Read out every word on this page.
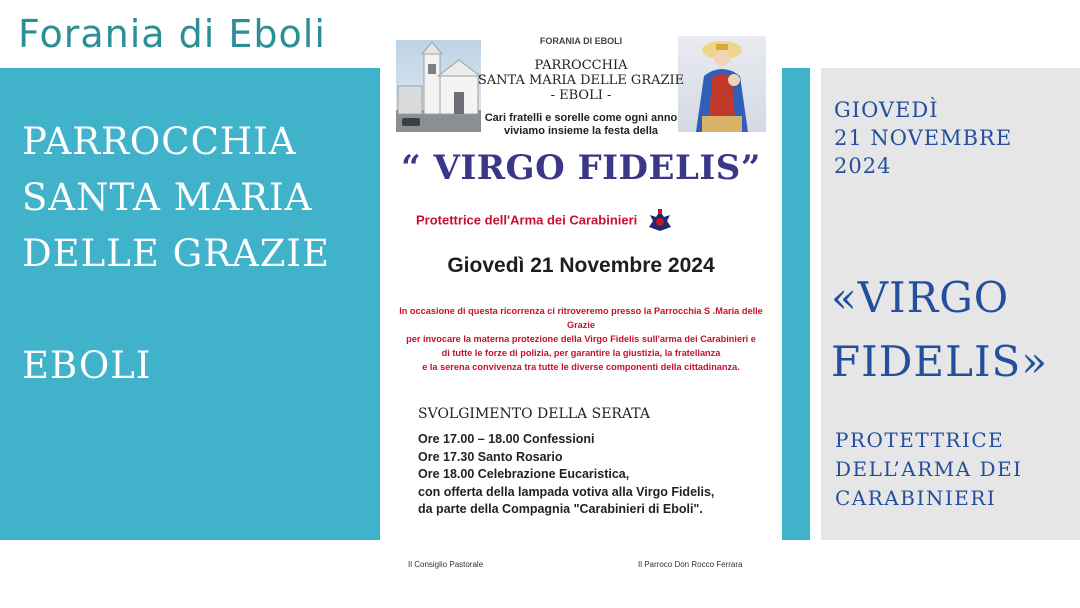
Forania di Eboli
PARROCCHIA
SANTA MARIA
DELLE GRAZIE
EBOLI
FORANIA DI EBOLI
PARROCCHIA
SANTA MARIA DELLE GRAZIE
- EBOLI -
Cari fratelli e sorelle come ogni anno
viviamo insieme la festa della
“ VIRGO FIDELIS”
Protettrice dell'Arma dei Carabinieri
Giovedì 21 Novembre 2024
In occasione di questa ricorrenza ci ritroveremo presso la Parrocchia S .Maria delle Grazie
per invocare la materna protezione della Virgo Fidelis sull'arma dei Carabinieri e
di tutte le forze di polizia, per garantire la giustizia, la fratellanza
e la serena convivenza tra tutte le diverse componenti della cittadinanza.
SVOLGIMENTO DELLA SERATA
Ore 17.00 – 18.00 Confessioni
Ore 17.30 Santo Rosario
Ore 18.00 Celebrazione Eucaristica,
con offerta della lampada votiva alla Virgo Fidelis,
da parte della Compagnia "Carabinieri di Eboli".
Il Consiglio Pastorale	Il Parroco Don Rocco Ferrara
GIOVEDÌ
21 NOVEMBRE
2024
«VIRGO
FIDELIS»
PROTETTRICE
DELL’ARMA DEI
CARABINIERI
